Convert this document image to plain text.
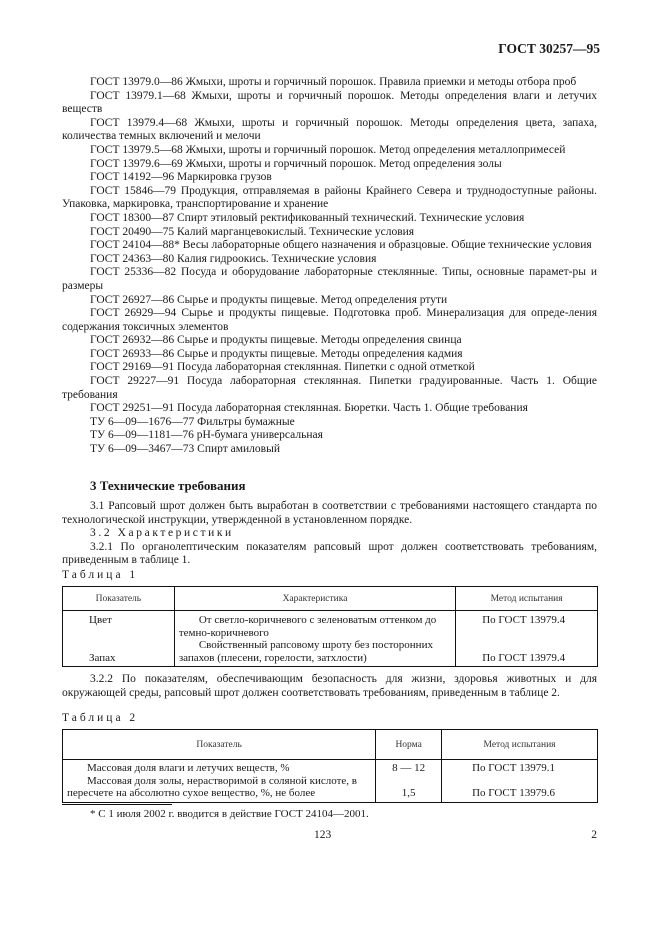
ГОСТ 30257—95

ГОСТ 13979.0—86 Жмыхи, шроты и горчичный порошок. Правила приемки и методы отбора проб

ГОСТ 13979.1—68 Жмыхи, шроты и горчичный порошок. Методы определения влаги и летучих веществ

ГОСТ 13979.4—68 Жмыхи, шроты и горчичный порошок. Методы определения цвета, запаха, количества темных включений и мелочи

ГОСТ 13979.5—68 Жмыхи, шроты и горчичный порошок. Метод определения металлопримесей

ГОСТ 13979.6—69 Жмыхи, шроты и горчичный порошок. Метод определения золы

ГОСТ 14192—96 Маркировка грузов

ГОСТ 15846—79 Продукция, отправляемая в районы Крайнего Севера и труднодоступные районы. Упаковка, маркировка, транспортирование и хранение

ГОСТ 18300—87 Спирт этиловый ректификованный технический. Технические условия

ГОСТ 20490—75 Калий марганцевокислый. Технические условия

ГОСТ 24104—88* Весы лабораторные общего назначения и образцовые. Общие технические условия

ГОСТ 24363—80 Калия гидроокись. Технические условия

ГОСТ 25336—82 Посуда и оборудование лабораторные стеклянные. Типы, основные парамет-ры и размеры

ГОСТ 26927—86 Сырье и продукты пищевые. Метод определения ртути

ГОСТ 26929—94 Сырье и продукты пищевые. Подготовка проб. Минерализация для опреде-ления содержания токсичных элементов

ГОСТ 26932—86 Сырье и продукты пищевые. Методы определения свинца

ГОСТ 26933—86 Сырье и продукты пищевые. Методы определения кадмия

ГОСТ 29169—91 Посуда лабораторная стеклянная. Пипетки с одной отметкой

ГОСТ 29227—91 Посуда лабораторная стеклянная. Пипетки градуированные. Часть 1. Общие требования

ГОСТ 29251—91 Посуда лабораторная стеклянная. Бюретки. Часть 1. Общие требования

ТУ 6—09—1676—77 Фильтры бумажные

ТУ 6—09—1181—76 pH-бумага универсальная

ТУ 6—09—3467—73 Спирт амиловый

3 Технические требования

3.1 Рапсовый шрот должен быть выработан в соответствии с требованиями настоящего стандарта по технологической инструкции, утвержденной в установленном порядке.

3.2 Характеристики

3.2.1 По органолептическим показателям рапсовый шрот должен соответствовать требованиям, приведенным в таблице 1.

Таблица 1
Показатель	Характеристика	Метод испытания
Цвет	От светло-коричневого с зеленоватым оттенком до темно-коричневого	По ГОСТ 13979.4
Запах	Свойственный рапсовому шроту без посторонних запахов (плесени, горелости, затхлости)	По ГОСТ 13979.4

3.2.2 По показателям, обеспечивающим безопасность для жизни, здоровья животных и для окружающей среды, рапсовый шрот должен соответствовать требованиям, приведенным в таблице 2.

Таблица 2
Показатель	Норма	Метод испытания
Массовая доля влаги и летучих веществ, %	8 — 12	По ГОСТ 13979.1
Массовая доля золы, нерастворимой в соляной кислоте, в пересчете на абсолютно сухое вещество, %, не более	1,5	По ГОСТ 13979.6
* С 1 июля 2002 г. вводится в действие ГОСТ 24104—2001.
123	2
